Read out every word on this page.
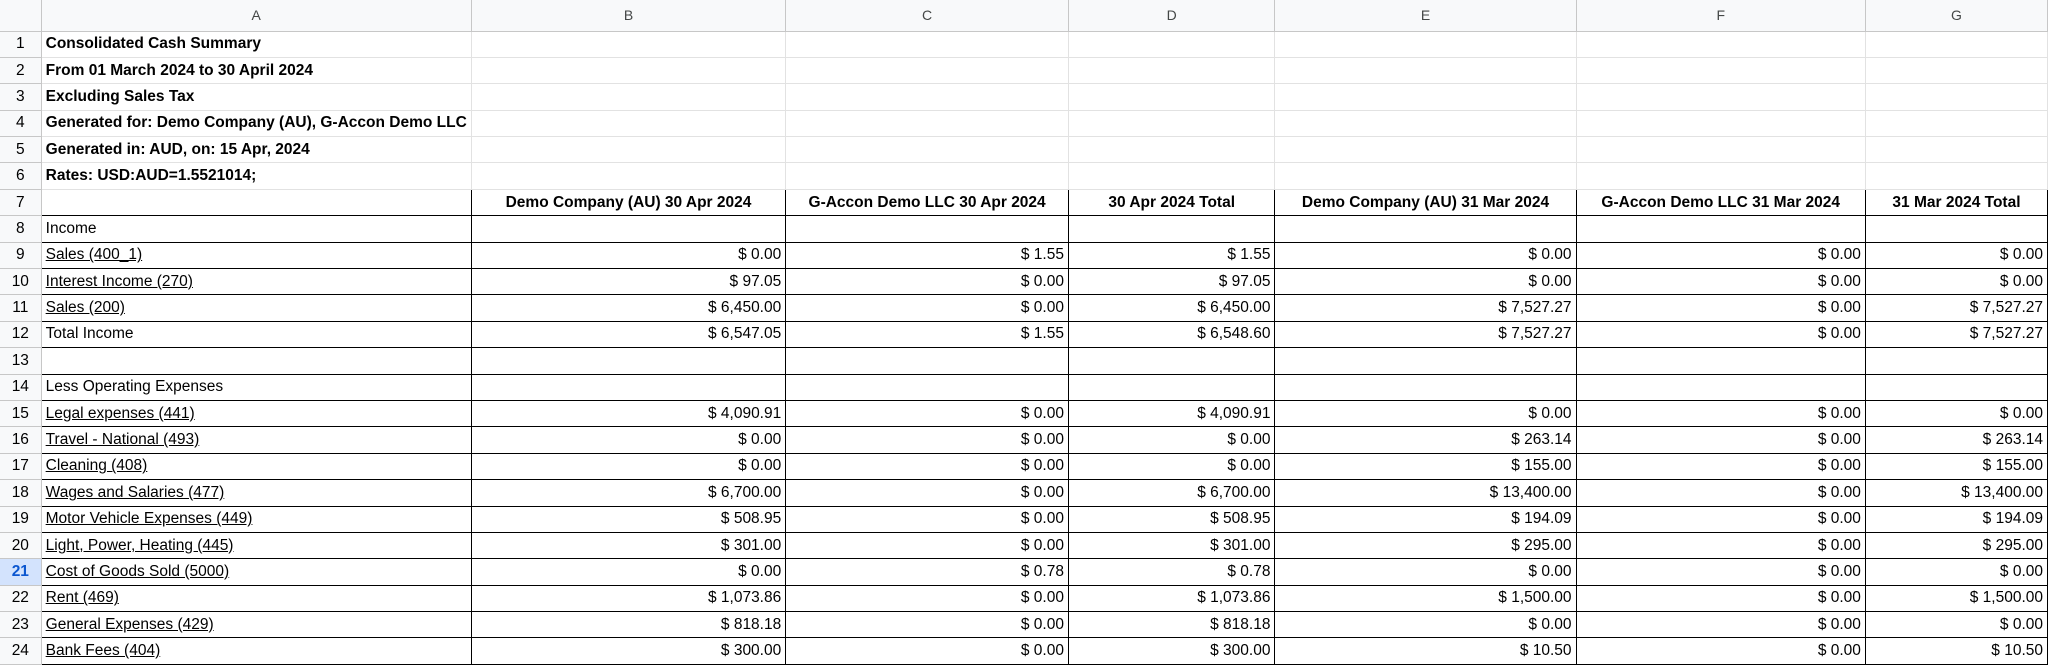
	A	B	C	D	E	F	G
1	Consolidated Cash Summary						
2	From 01 March 2024 to 30 April 2024						
3	Excluding Sales Tax						
4	Generated for: Demo Company (AU), G-Accon Demo LLC						
5	Generated in: AUD, on: 15 Apr, 2024						
6	Rates: USD:AUD=1.5521014;						
7		Demo Company (AU) 30 Apr 2024	G-Accon Demo LLC 30 Apr 2024	30 Apr 2024 Total	Demo Company (AU) 31 Mar 2024	G-Accon Demo LLC 31 Mar 2024	31 Mar 2024 Total
8	Income						
9	Sales (400_1)	$ 0.00	$ 1.55	$ 1.55	$ 0.00	$ 0.00	$ 0.00
10	Interest Income (270)	$ 97.05	$ 0.00	$ 97.05	$ 0.00	$ 0.00	$ 0.00
11	Sales (200)	$ 6,450.00	$ 0.00	$ 6,450.00	$ 7,527.27	$ 0.00	$ 7,527.27
12	Total Income	$ 6,547.05	$ 1.55	$ 6,548.60	$ 7,527.27	$ 0.00	$ 7,527.27
13							
14	Less Operating Expenses						
15	Legal expenses (441)	$ 4,090.91	$ 0.00	$ 4,090.91	$ 0.00	$ 0.00	$ 0.00
16	Travel - National (493)	$ 0.00	$ 0.00	$ 0.00	$ 263.14	$ 0.00	$ 263.14
17	Cleaning (408)	$ 0.00	$ 0.00	$ 0.00	$ 155.00	$ 0.00	$ 155.00
18	Wages and Salaries (477)	$ 6,700.00	$ 0.00	$ 6,700.00	$ 13,400.00	$ 0.00	$ 13,400.00
19	Motor Vehicle Expenses (449)	$ 508.95	$ 0.00	$ 508.95	$ 194.09	$ 0.00	$ 194.09
20	Light, Power, Heating (445)	$ 301.00	$ 0.00	$ 301.00	$ 295.00	$ 0.00	$ 295.00
21	Cost of Goods Sold (5000)	$ 0.00	$ 0.78	$ 0.78	$ 0.00	$ 0.00	$ 0.00
22	Rent (469)	$ 1,073.86	$ 0.00	$ 1,073.86	$ 1,500.00	$ 0.00	$ 1,500.00
23	General Expenses (429)	$ 818.18	$ 0.00	$ 818.18	$ 0.00	$ 0.00	$ 0.00
24	Bank Fees (404)	$ 300.00	$ 0.00	$ 300.00	$ 10.50	$ 0.00	$ 10.50
